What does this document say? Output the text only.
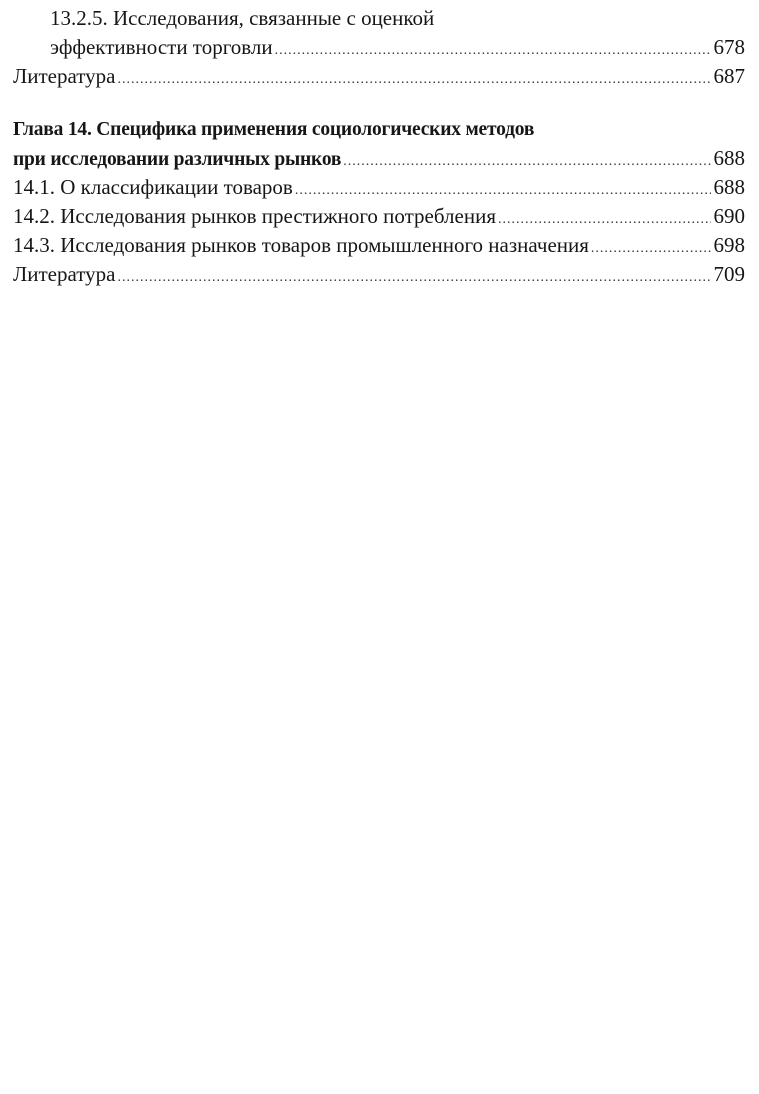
13.2.5. Исследования, связанные с оценкой
эффективности торговли .....	678
Литература .....	687
Глава 14. Специфика применения социологических методов
при исследовании различных рынков .....	688
14.1. О классификации товаров .....	688
14.2. Исследования рынков престижного потребления .....	690
14.3. Исследования рынков товаров промышленного назначения .....	698
Литература .....	709
